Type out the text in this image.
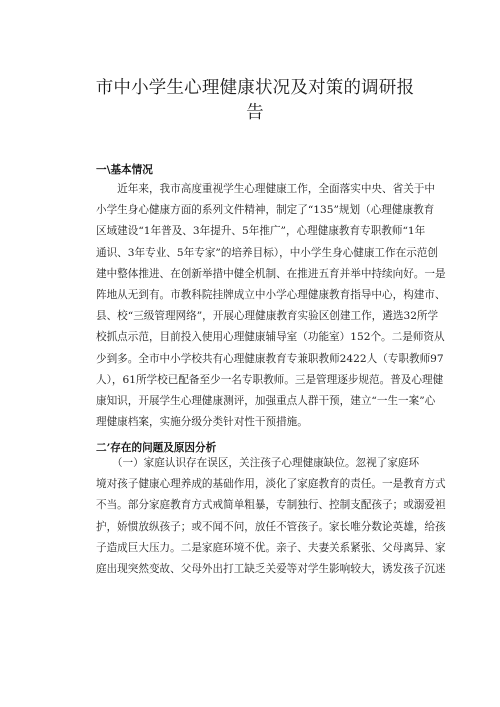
市中小学生心理健康状况及对策的调研报
告
一\基本情况
　　近年来，我市高度重视学生心理健康工作，全面落实中央、省关于中
小学生身心健康方面的系列文件精神，制定了“135”规划（心理健康教育
区域建设“1年普及、3年提升、5年推广”，心理健康教育专职教师“1年
通识、3年专业、5年专家”的培养目标），中小学生身心健康工作在示范创
建中整体推进、在创新举措中健全机制、在推进五育并举中持续向好。一是
阵地从无到有。市教科院挂牌成立中小学心理健康教育指导中心，构建市、
县、校“三级管理网络”，开展心理健康教育实验区创建工作，遴选32所学
校抓点示范，目前投入使用心理健康辅导室（功能室）152个。二是师资从
少到多。全市中小学校共有心理健康教育专兼职教师2422人（专职教师97
人），61所学校已配备至少一名专职教师。三是管理逐步规范。普及心理健
康知识，开展学生心理健康测评，加强重点人群干预，建立“一生一案”心
理健康档案，实施分级分类针对性干预措施。
二’存在的问题及原因分析
　　（一）家庭认识存在误区，关注孩子心理健康缺位。忽视了家庭环
境对孩子健康心理养成的基础作用，淡化了家庭教育的责任。一是教育方式
不当。部分家庭教育方式戒简单粗暴，专制独行、控制支配孩子；或溺爱袒
护，娇惯放纵孩子；或不闻不问，放任不管孩子。家长唯分数论英雄，给孩
子造成巨大压力。二是家庭环境不优。亲子、夫妻关系紧张、父母离异、家
庭出现突然变故、父母外出打工缺乏关爱等对学生影响较大，诱发孩子沉迷
